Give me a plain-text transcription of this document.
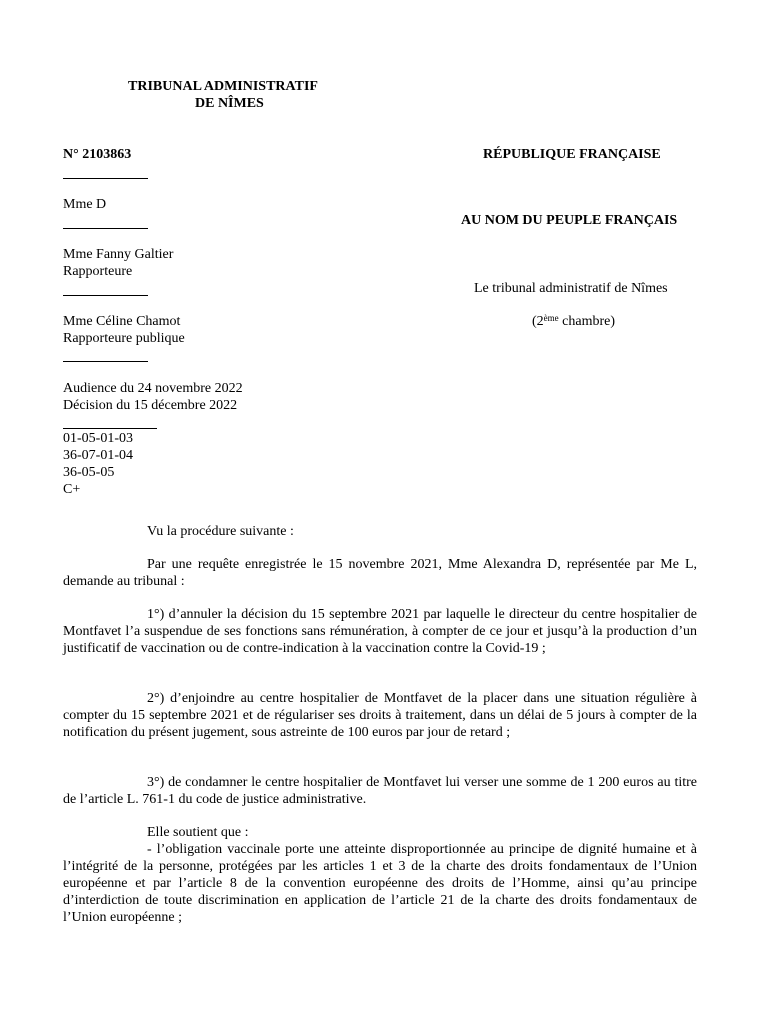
TRIBUNAL ADMINISTRATIF
DE NÎMES
N° 2103863
Mme D
Mme Fanny Galtier
Rapporteure
Mme Céline Chamot
Rapporteure publique
Audience du 24 novembre 2022
Décision du 15 décembre 2022
01-05-01-03
36-07-01-04
36-05-05
C+
RÉPUBLIQUE FRANÇAISE
AU NOM DU PEUPLE FRANÇAIS
Le tribunal administratif de Nîmes
(2ème chambre)
Vu la procédure suivante :

Par une requête enregistrée le 15 novembre 2021, Mme Alexandra D, représentée par Me L, demande au tribunal :

1°) d’annuler la décision du 15 septembre 2021 par laquelle le directeur du centre hospitalier de Montfavet l’a suspendue de ses fonctions sans rémunération, à compter de ce jour et jusqu’à la production d’un justificatif de vaccination ou de contre-indication à la vaccination contre la Covid-19 ;

2°) d’enjoindre au centre hospitalier de Montfavet de la placer dans une situation régulière à compter du 15 septembre 2021 et de régulariser ses droits à traitement, dans un délai de 5 jours à compter de la notification du présent jugement, sous astreinte de 100 euros par jour de retard ;

3°) de condamner le centre hospitalier de Montfavet lui verser une somme de 1 200 euros au titre de l’article L. 761-1 du code de justice administrative.

Elle soutient que :

- l’obligation vaccinale porte une atteinte disproportionnée au principe de dignité humaine et à l’intégrité de la personne, protégées par les articles 1 et 3 de la charte des droits fondamentaux de l’Union européenne et par l’article 8 de la convention européenne des droits de l’Homme, ainsi qu’au principe d’interdiction de toute discrimination en application de l’article 21 de la charte des droits fondamentaux de l’Union européenne ;
